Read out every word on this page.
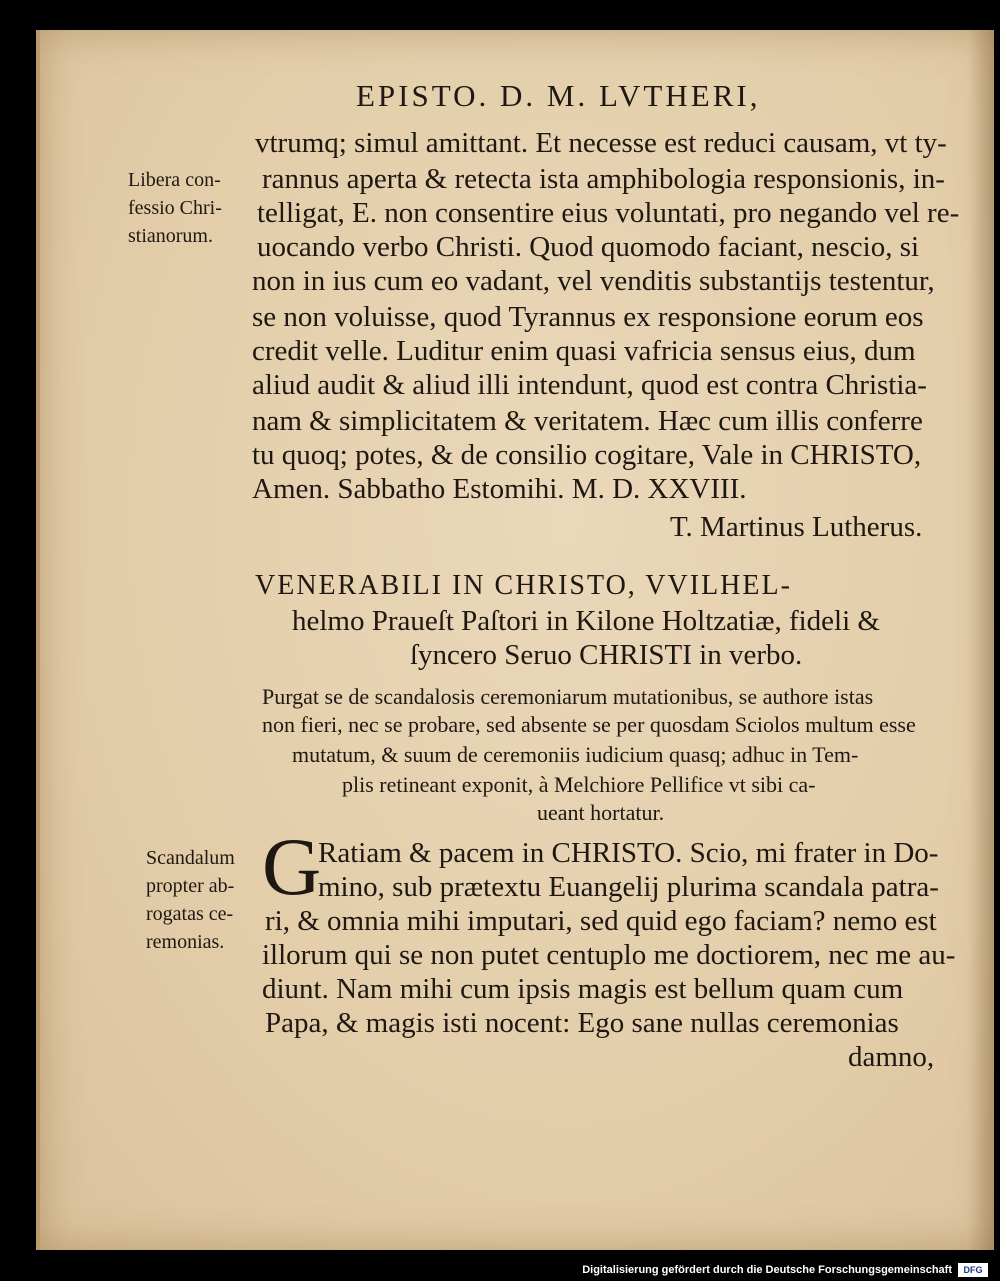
EPISTO. D. M. LVTHERI,
Libera con-
fessio Chri-
stianorum.
vtrumq; simul amittant. Et necesse est reduci causam, vt ty-
rannus aperta & retecta ista amphibologia responsionis, in-
telligat, E. non consentire eius voluntati, pro negando vel re-
uocando verbo Christi. Quod quomodo faciant, nescio, si
non in ius cum eo vadant, vel venditis substantijs testentur,
se non voluisse, quod Tyrannus ex responsione eorum eos
credit velle. Luditur enim quasi vafricia sensus eius, dum
aliud audit & aliud illi intendunt, quod est contra Christia-
nam & simplicitatem & veritatem. Hæc cum illis conferre
tu quoq; potes, & de consilio cogitare, Vale in CHRISTO,
Amen. Sabbatho Estomihi. M. D. XXVIII.
T. Martinus Lutherus.
VENERABILI IN CHRISTO, VVILHEL-
helmo Praueſt Paſtori in Kilone Holtzatiæ, fideli &
ſyncero Seruo CHRISTI in verbo.
Purgat se de scandalosis ceremoniarum mutationibus, se authore istas
non fieri, nec se probare, sed absente se per quosdam Sciolos multum esse
mutatum, & suum de ceremoniis iudicium quasq; adhuc in Tem-
plis retineant exponit, à Melchiore Pellifice vt sibi ca-
ueant hortatur.
Scandalum
propter ab-
rogatas ce-
remonias.
G
Ratiam & pacem in CHRISTO. Scio, mi frater in Do-
mino, sub prætextu Euangelij plurima scandala patra-
ri, & omnia mihi imputari, sed quid ego faciam? nemo est
illorum qui se non putet centuplo me doctiorem, nec me au-
diunt. Nam mihi cum ipsis magis est bellum quam cum
Papa, & magis isti nocent: Ego sane nullas ceremonias
damno,
Digitalisierung gefördert durch die Deutsche Forschungsgemeinschaft	DFG
